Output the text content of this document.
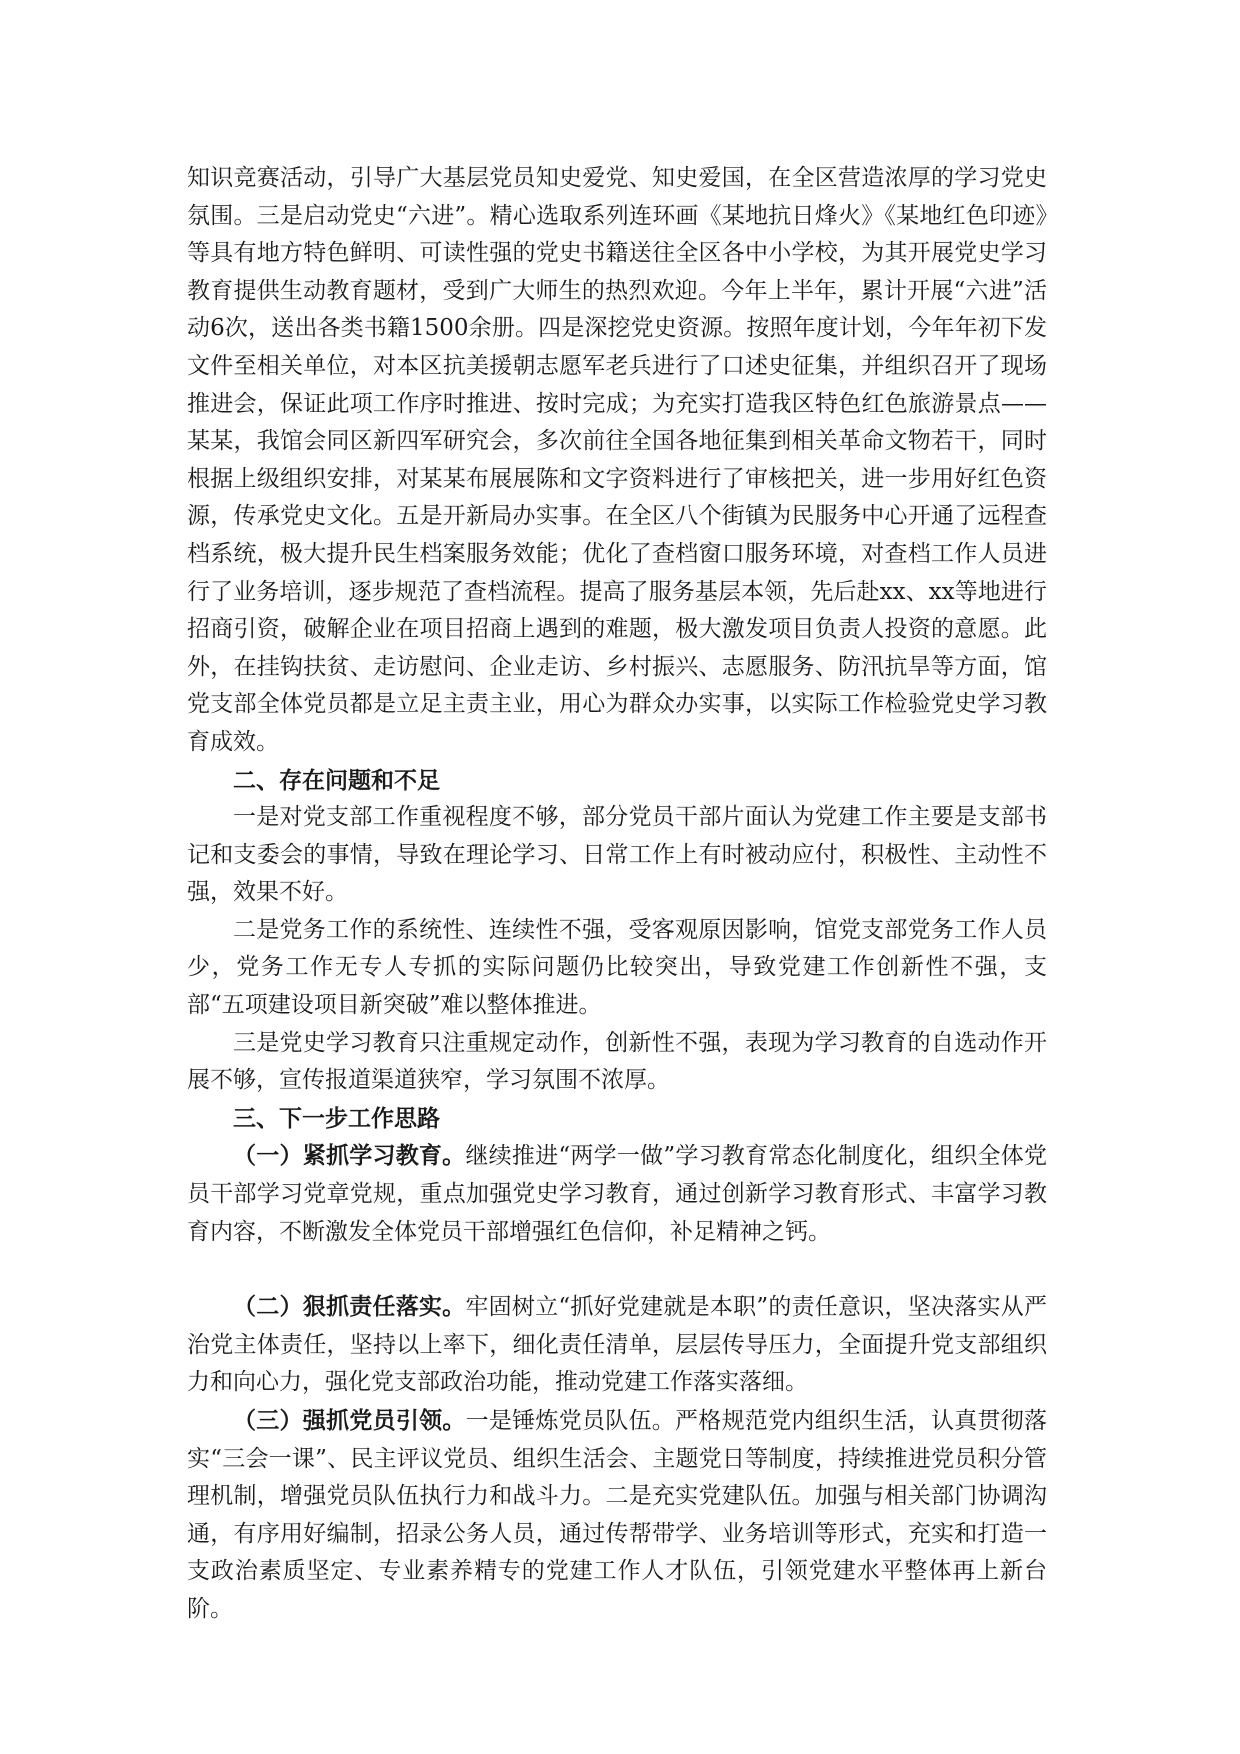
知识竞赛活动，引导广大基层党员知史爱党、知史爱国，在全区营造浓厚的学习党史氛围。三是启动党史“六进”。精心选取系列连环画《某地抗日烽火》《某地红色印迹》等具有地方特色鲜明、可读性强的党史书籍送往全区各中小学校，为其开展党史学习教育提供生动教育题材，受到广大师生的热烈欢迎。今年上半年，累计开展“六进”活动6次，送出各类书籍1500余册。四是深挖党史资源。按照年度计划，今年年初下发文件至相关单位，对本区抗美援朝志愿军老兵进行了口述史征集，并组织召开了现场推进会，保证此项工作序时推进、按时完成；为充实打造我区特色红色旅游景点——某某，我馆会同区新四军研究会，多次前往全国各地征集到相关革命文物若干，同时根据上级组织安排，对某某布展展陈和文字资料进行了审核把关，进一步用好红色资源，传承党史文化。五是开新局办实事。在全区八个街镇为民服务中心开通了远程查档系统，极大提升民生档案服务效能；优化了查档窗口服务环境，对查档工作人员进行了业务培训，逐步规范了查档流程。提高了服务基层本领，先后赴xx、xx等地进行招商引资，破解企业在项目招商上遇到的难题，极大激发项目负责人投资的意愿。此外，在挂钩扶贫、走访慰问、企业走访、乡村振兴、志愿服务、防汛抗旱等方面，馆党支部全体党员都是立足主责主业，用心为群众办实事，以实际工作检验党史学习教育成效。

二、存在问题和不足

一是对党支部工作重视程度不够，部分党员干部片面认为党建工作主要是支部书记和支委会的事情，导致在理论学习、日常工作上有时被动应付，积极性、主动性不强，效果不好。

二是党务工作的系统性、连续性不强，受客观原因影响，馆党支部党务工作人员少，党务工作无专人专抓的实际问题仍比较突出，导致党建工作创新性不强，支部“五项建设项目新突破”难以整体推进。

三是党史学习教育只注重规定动作，创新性不强，表现为学习教育的自选动作开展不够，宣传报道渠道狭窄，学习氛围不浓厚。

三、下一步工作思路

（一）紧抓学习教育。继续推进“两学一做”学习教育常态化制度化，组织全体党员干部学习党章党规，重点加强党史学习教育，通过创新学习教育形式、丰富学习教育内容，不断激发全体党员干部增强红色信仰，补足精神之钙。

（二）狠抓责任落实。牢固树立“抓好党建就是本职”的责任意识，坚决落实从严治党主体责任，坚持以上率下，细化责任清单，层层传导压力，全面提升党支部组织力和向心力，强化党支部政治功能，推动党建工作落实落细。

（三）强抓党员引领。一是锤炼党员队伍。严格规范党内组织生活，认真贯彻落实“三会一课”、民主评议党员、组织生活会、主题党日等制度，持续推进党员积分管理机制，增强党员队伍执行力和战斗力。二是充实党建队伍。加强与相关部门协调沟通，有序用好编制，招录公务人员，通过传帮带学、业务培训等形式，充实和打造一支政治素质坚定、专业素养精专的党建工作人才队伍，引领党建水平整体再上新台阶。
